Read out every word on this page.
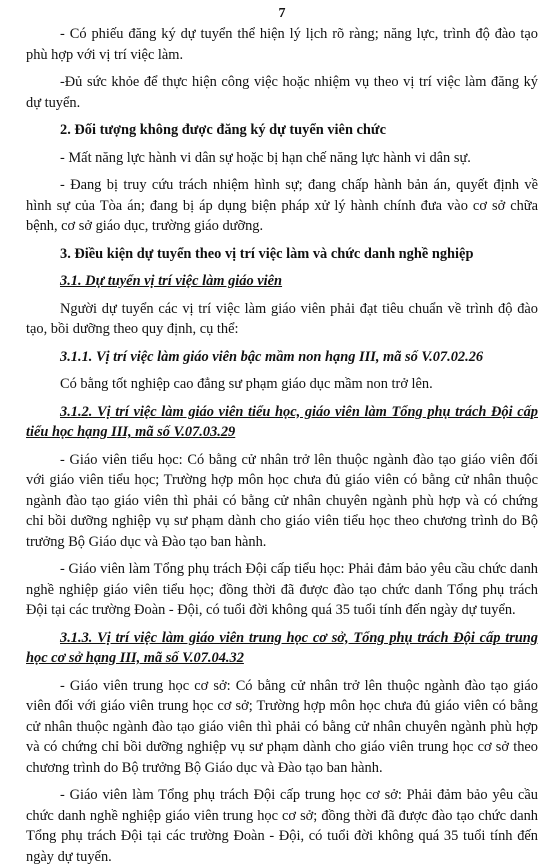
7

- Có phiếu đăng ký dự tuyển thể hiện lý lịch rõ ràng; năng lực, trình độ đào tạo phù hợp với vị trí việc làm.

-Đủ sức khỏe để thực hiện công việc hoặc nhiệm vụ theo vị trí việc làm đăng ký dự tuyển.

2. Đối tượng không được đăng ký dự tuyển viên chức

- Mất năng lực hành vi dân sự hoặc bị hạn chế năng lực hành vi dân sự.

- Đang bị truy cứu trách nhiệm hình sự; đang chấp hành bản án, quyết định về hình sự của Tòa án; đang bị áp dụng biện pháp xử lý hành chính đưa vào cơ sở chữa bệnh, cơ sở giáo dục, trường giáo dưỡng.

3. Điều kiện dự tuyển theo vị trí việc làm và chức danh nghề nghiệp

3.1. Dự tuyển vị trí việc làm giáo viên

Người dự tuyển các vị trí việc làm giáo viên phải đạt tiêu chuẩn về trình độ đào tạo, bồi dưỡng theo quy định, cụ thể:

3.1.1. Vị trí việc làm giáo viên bậc mầm non hạng III, mã số V.07.02.26

Có bằng tốt nghiệp cao đẳng sư phạm giáo dục mầm non trở lên.

3.1.2. Vị trí việc làm giáo viên tiểu học, giáo viên làm Tổng phụ trách Đội cấp tiểu học hạng III, mã số V.07.03.29

- Giáo viên tiểu học: Có bằng cử nhân trở lên thuộc ngành đào tạo giáo viên đối với giáo viên tiểu học; Trường hợp môn học chưa đủ giáo viên có bằng cử nhân thuộc ngành đào tạo giáo viên thì phải có bằng cử nhân chuyên ngành phù hợp và có chứng chỉ bồi dưỡng nghiệp vụ sư phạm dành cho giáo viên tiểu học theo chương trình do Bộ trưởng Bộ Giáo dục và Đào tạo ban hành.

- Giáo viên làm Tổng phụ trách Đội cấp tiểu học: Phải đảm bảo yêu cầu chức danh nghề nghiệp giáo viên tiểu học; đồng thời đã được đào tạo chức danh Tổng phụ trách Đội tại các trường Đoàn - Đội, có tuổi đời không quá 35 tuổi tính đến ngày dự tuyển.

3.1.3. Vị trí việc làm giáo viên trung học cơ sở, Tổng phụ trách Đội cấp trung học cơ sở hạng III, mã số V.07.04.32

- Giáo viên trung học cơ sở: Có bằng cử nhân trở lên thuộc ngành đào tạo giáo viên đối với giáo viên trung học cơ sở; Trường hợp môn học chưa đủ giáo viên có bằng cử nhân thuộc ngành đào tạo giáo viên thì phải có bằng cử nhân chuyên ngành phù hợp và có chứng chỉ bồi dưỡng nghiệp vụ sư phạm dành cho giáo viên trung học cơ sở theo chương trình do Bộ trưởng Bộ Giáo dục và Đào tạo ban hành.

- Giáo viên làm Tổng phụ trách Đội cấp trung học cơ sở: Phải đảm bảo yêu cầu chức danh nghề nghiệp giáo viên trung học cơ sở; đồng thời đã được đào tạo chức danh Tổng phụ trách Đội tại các trường Đoàn - Đội, có tuổi đời không quá 35 tuổi tính đến ngày dự tuyển.
